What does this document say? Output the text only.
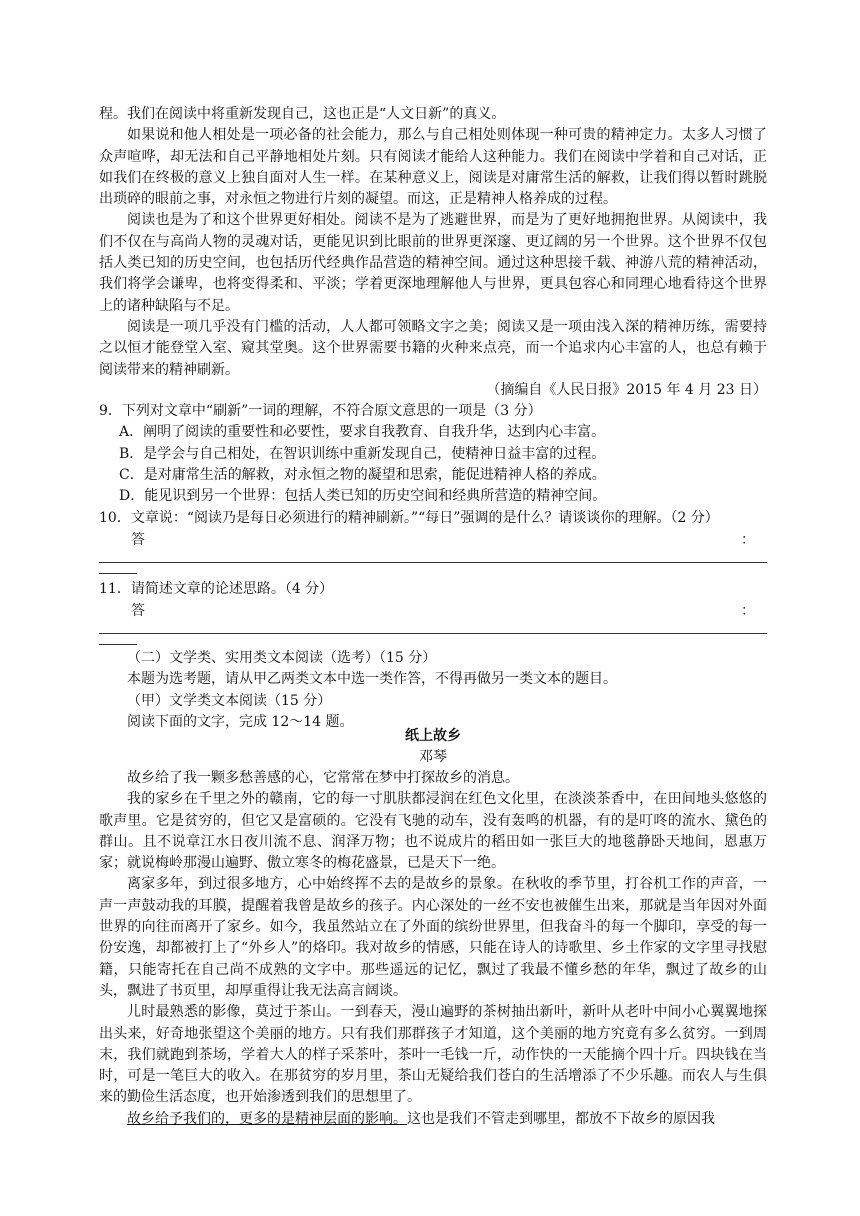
程。我们在阅读中将重新发现自己，这也正是“人文日新”的真义。

如果说和他人相处是一项必备的社会能力，那么与自己相处则体现一种可贵的精神定力。太多人习惯了众声喧哗，却无法和自己平静地相处片刻。只有阅读才能给人这种能力。我们在阅读中学着和自己对话，正如我们在终极的意义上独自面对人生一样。在某种意义上，阅读是对庸常生活的解救，让我们得以暂时跳脱出琐碎的眼前之事，对永恒之物进行片刻的凝望。而这，正是精神人格养成的过程。

阅读也是为了和这个世界更好相处。阅读不是为了逃避世界，而是为了更好地拥抱世界。从阅读中，我们不仅在与高尚人物的灵魂对话，更能见识到比眼前的世界更深邃、更辽阔的另一个世界。这个世界不仅包括人类已知的历史空间，也包括历代经典作品营造的精神空间。通过这种思接千载、神游八荒的精神活动，我们将学会谦卑，也将变得柔和、平淡；学着更深地理解他人与世界，更具包容心和同理心地看待这个世界上的诸种缺陷与不足。

阅读是一项几乎没有门槛的活动，人人都可领略文字之美；阅读又是一项由浅入深的精神历练，需要持之以恒才能登堂入室、窥其堂奥。这个世界需要书籍的火种来点亮，而一个追求内心丰富的人，也总有赖于阅读带来的精神刷新。

（摘编自《人民日报》2015 年 4 月 23 日）

9．下列对文章中“刷新”一词的理解，不符合原文意思的一项是（3 分）

A．阐明了阅读的重要性和必要性，要求自我教育、自我升华，达到内心丰富。

B．是学会与自己相处，在智识训练中重新发现自己，使精神日益丰富的过程。

C．是对庸常生活的解救，对永恒之物的凝望和思索，能促进精神人格的养成。

D．能见识到另一个世界：包括人类已知的历史空间和经典所营造的精神空间。

10．文章说：“阅读乃是每日必须进行的精神刷新。”“每日”强调的是什么？请谈谈你的理解。（2 分）

答	：

11．请简述文章的论述思路。（4 分）

答	：

（二）文学类、实用类文本阅读（选考）（15 分）

本题为选考题，请从甲乙两类文本中选一类作答，不得再做另一类文本的题目。

（甲）文学类文本阅读（15 分）

阅读下面的文字，完成 12～14 题。

纸上故乡

邓琴

故乡给了我一颗多愁善感的心，它常常在梦中打探故乡的消息。

我的家乡在千里之外的赣南，它的每一寸肌肤都浸润在红色文化里，在淡淡茶香中，在田间地头悠悠的歌声里。它是贫穷的，但它又是富硕的。它没有飞驰的动车，没有轰鸣的机器，有的是叮咚的流水、黛色的群山。且不说章江水日夜川流不息、润泽万物；也不说成片的稻田如一张巨大的地毯静卧天地间，恩惠万家；就说梅岭那漫山遍野、傲立寒冬的梅花盛景，已是天下一绝。

离家多年，到过很多地方，心中始终挥不去的是故乡的景象。在秋收的季节里，打谷机工作的声音，一声一声鼓动我的耳膜，提醒着我曾是故乡的孩子。内心深处的一丝不安也被催生出来，那就是当年因对外面世界的向往而离开了家乡。如今，我虽然站立在了外面的缤纷世界里，但我奋斗的每一个脚印，享受的每一份安逸，却都被打上了“外乡人”的烙印。我对故乡的情感，只能在诗人的诗歌里、乡土作家的文字里寻找慰籍，只能寄托在自己尚不成熟的文字中。那些遥远的记忆，飘过了我最不懂乡愁的年华，飘过了故乡的山头，飘进了书页里，却厚重得让我无法高言阔谈。

儿时最熟悉的影像，莫过于茶山。一到春天，漫山遍野的茶树抽出新叶，新叶从老叶中间小心翼翼地探出头来，好奇地张望这个美丽的地方。只有我们那群孩子才知道，这个美丽的地方究竟有多么贫穷。一到周末，我们就跑到茶场，学着大人的样子采茶叶，茶叶一毛钱一斤，动作快的一天能摘个四十斤。四块钱在当时，可是一笔巨大的收入。在那贫穷的岁月里，茶山无疑给我们苍白的生活增添了不少乐趣。而农人与生俱来的勤俭生活态度，也开始渗透到我们的思想里了。

故乡给予我们的，更多的是精神层面的影响。这也是我们不管走到哪里，都放不下故乡的原因我
